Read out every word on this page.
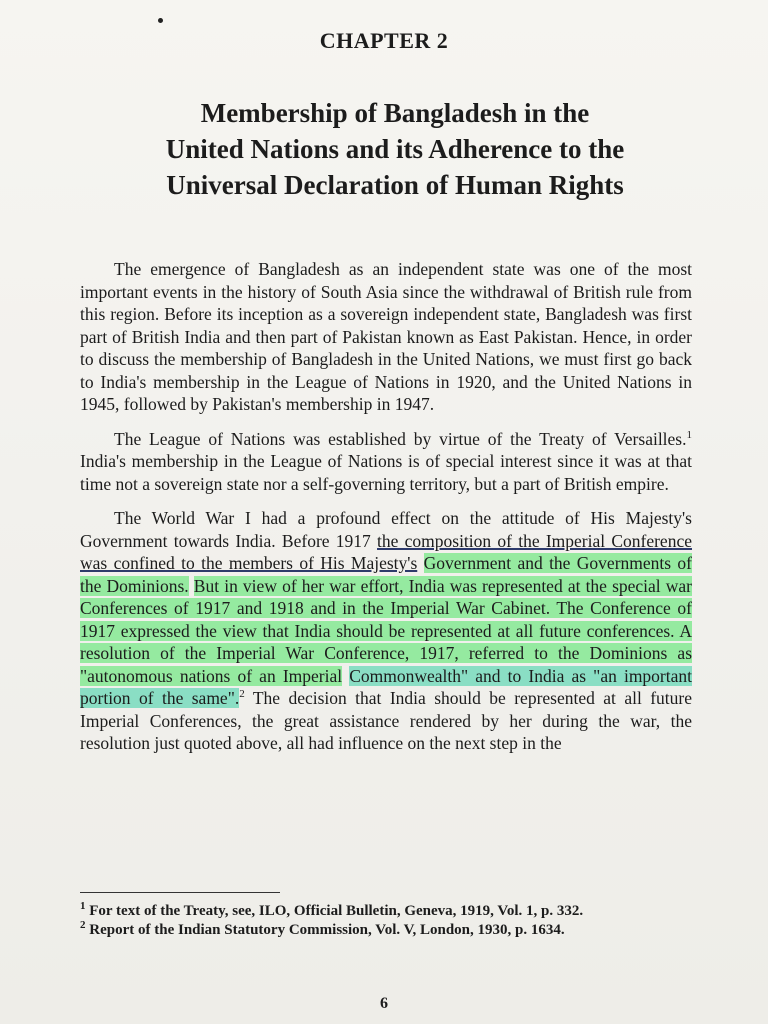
CHAPTER 2
Membership of Bangladesh in the
United Nations and its Adherence to the
Universal Declaration of Human Rights

The emergence of Bangladesh as an independent state was one of the most important events in the history of South Asia since the withdrawal of British rule from this region. Before its inception as a sovereign independent state, Bangladesh was first part of British India and then part of Pakistan known as East Pakistan. Hence, in order to discuss the membership of Bangladesh in the United Nations, we must first go back to India's membership in the League of Nations in 1920, and the United Nations in 1945, followed by Pakistan's membership in 1947.

The League of Nations was established by virtue of the Treaty of Versailles.$^1$ India's membership in the League of Nations is of special interest since it was at that time not a sovereign state nor a self-governing territory, but a part of British empire.

The World War I had a profound effect on the attitude of His Majesty's Government towards India. Before 1917 the composition of the Imperial Conference was confined to the members of His Majesty's Government and the Governments of the Dominions. But in view of her war effort, India was represented at the special war Conferences of 1917 and 1918 and in the Imperial War Cabinet. The Conference of 1917 expressed the view that India should be represented at all future conferences. A resolution of the Imperial War Conference, 1917, referred to the Dominions as "autonomous nations of an Imperial Commonwealth" and to India as "an important portion of the same".$^2$ The decision that India should be represented at all future Imperial Conferences, the great assistance rendered by her during the war, the resolution just quoted above, all had influence on the next step in the

$^1$ For text of the Treaty, see, ILO, Official Bulletin, Geneva, 1919, Vol. 1, p. 332.
$^2$ Report of the Indian Statutory Commission, Vol. V, London, 1930, p. 1634.
6
